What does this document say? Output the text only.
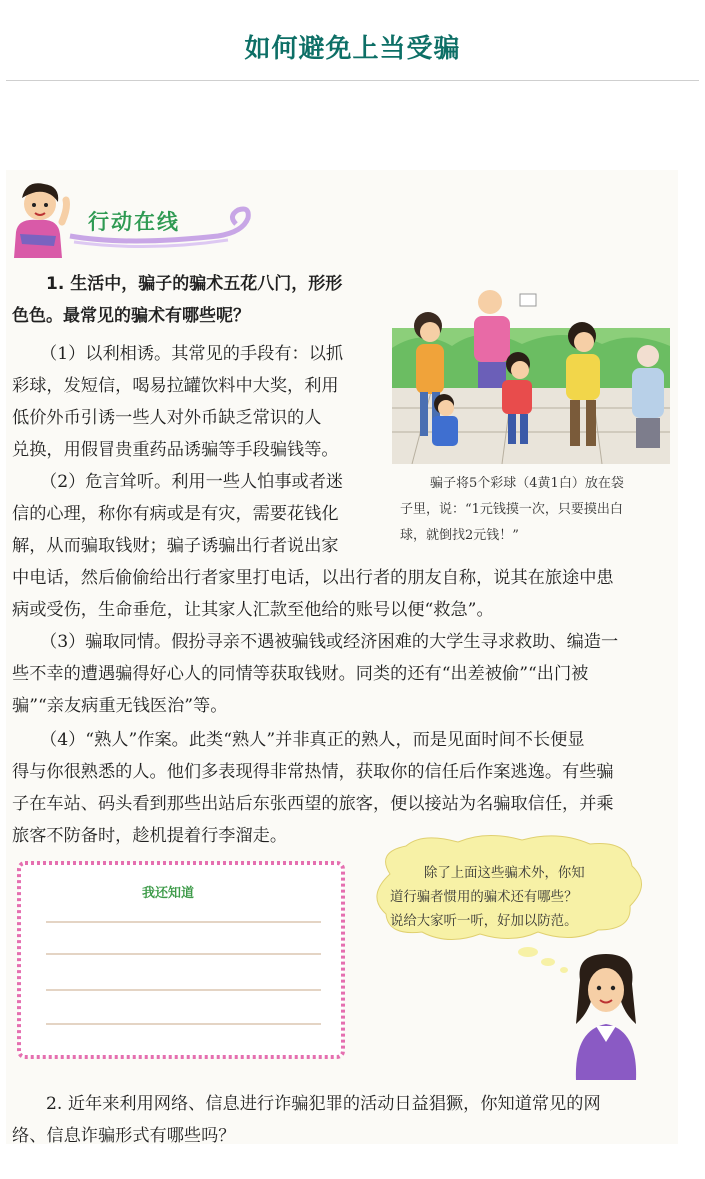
如何避免上当受骗
行动在线
1. 生活中，骗子的骗术五花八门，形形
色色。最常见的骗术有哪些呢？
（1）以利相诱。其常见的手段有：以抓
彩球，发短信，喝易拉罐饮料中大奖，利用
低价外币引诱一些人对外币缺乏常识的人
兑换，用假冒贵重药品诱骗等手段骗钱等。
（2）危言耸听。利用一些人怕事或者迷
信的心理，称你有病或是有灾，需要花钱化
解，从而骗取钱财；骗子诱骗出行者说出家
中电话，然后偷偷给出行者家里打电话，以出行者的朋友自称，说其在旅途中患
病或受伤，生命垂危，让其家人汇款至他给的账号以便“救急”。
骗子将5个彩球（4黄1白）放在袋
子里，说：“1元钱摸一次，只要摸出白
球，就倒找2元钱！”
（3）骗取同情。假扮寻亲不遇被骗钱或经济困难的大学生寻求救助、编造一
些不幸的遭遇骗得好心人的同情等获取钱财。同类的还有“出差被偷”“出门被
骗”“亲友病重无钱医治”等。
（4）“熟人”作案。此类“熟人”并非真正的熟人，而是见面时间不长便显
得与你很熟悉的人。他们多表现得非常热情，获取你的信任后作案逃逸。有些骗
子在车站、码头看到那些出站后东张西望的旅客，便以接站为名骗取信任，并乘
旅客不防备时，趁机提着行李溜走。
我还知道
除了上面这些骗术外，你知
道行骗者惯用的骗术还有哪些？
说给大家听一听，好加以防范。
2. 近年来利用网络、信息进行诈骗犯罪的活动日益猖獗，你知道常见的网
络、信息诈骗形式有哪些吗？
